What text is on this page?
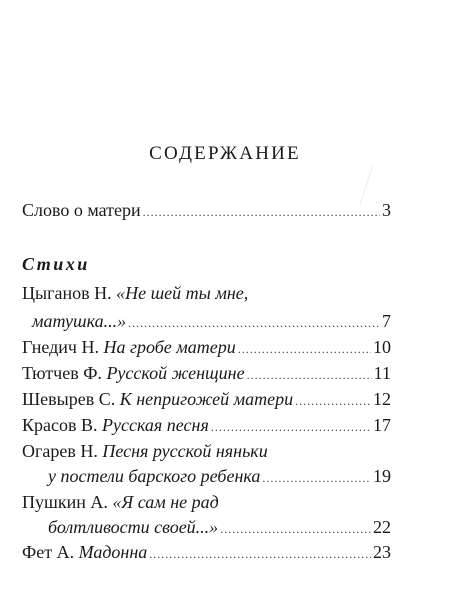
СОДЕРЖАНИЕ
Слово о матери .....	3
Стихи
Цыганов Н. «Не шей ты мне,
матушка...» .....	7
Гнедич Н. На гробе матери .....	10
Тютчев Ф. Русской женщине .....	11
Шевырев С. К непригожей матери .....	12
Красов В. Русская песня .....	17
Огарев Н. Песня русской няньки
у постели барского ребенка .....	19
Пушкин А. «Я сам не рад
болтливости своей...» .....	22
Фет А. Мадонна .....	23
